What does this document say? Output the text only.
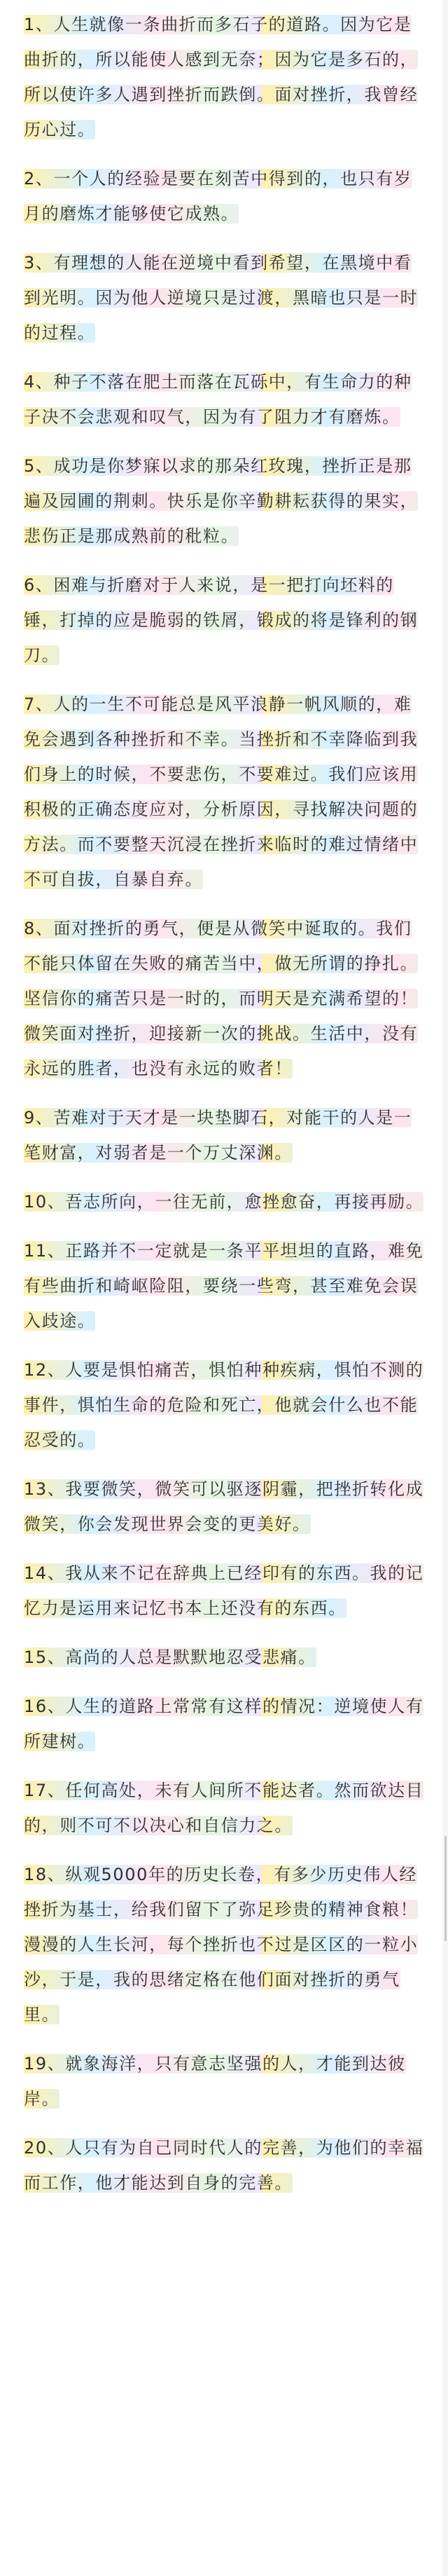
1、人生就像一条曲折而多石子的道路。因为它是曲折的，所以能使人感到无奈；因为它是多石的，所以使许多人遇到挫折而跌倒。面对挫折，我曾经历心过。

2、一个人的经验是要在刻苦中得到的，也只有岁月的磨炼才能够使它成熟。

3、有理想的人能在逆境中看到希望，在黑境中看到光明。因为他人逆境只是过渡，黑暗也只是一时的过程。

4、种子不落在肥土而落在瓦砾中，有生命力的种子决不会悲观和叹气，因为有了阻力才有磨炼。

5、成功是你梦寐以求的那朵红玫瑰，挫折正是那遍及园圃的荆刺。快乐是你辛勤耕耘获得的果实，悲伤正是那成熟前的秕粒。

6、困难与折磨对于人来说，是一把打向坯料的锤，打掉的应是脆弱的铁屑，锻成的将是锋利的钢刀。

7、人的一生不可能总是风平浪静一帆风顺的，难免会遇到各种挫折和不幸。当挫折和不幸降临到我们身上的时候，不要悲伤，不要难过。我们应该用积极的正确态度应对，分析原因，寻找解决问题的方法。而不要整天沉浸在挫折来临时的难过情绪中不可自拔，自暴自弃。

8、面对挫折的勇气，便是从微笑中诞取的。我们不能只体留在失败的痛苦当中，做无所谓的挣扎。坚信你的痛苦只是一时的，而明天是充满希望的！微笑面对挫折，迎接新一次的挑战。生活中，没有永远的胜者，也没有永远的败者！

9、苦难对于天才是一块垫脚石，对能干的人是一笔财富，对弱者是一个万丈深渊。

10、吾志所向，一往无前，愈挫愈奋，再接再励。

11、正路并不一定就是一条平平坦坦的直路，难免有些曲折和崎岖险阻，要绕一些弯，甚至难免会误入歧途。

12、人要是惧怕痛苦，惧怕种种疾病，惧怕不测的事件，惧怕生命的危险和死亡，他就会什么也不能忍受的。

13、我要微笑，微笑可以驱逐阴霾，把挫折转化成微笑，你会发现世界会变的更美好。

14、我从来不记在辞典上已经印有的东西。我的记忆力是运用来记忆书本上还没有的东西。

15、高尚的人总是默默地忍受悲痛。

16、人生的道路上常常有这样的情况：逆境使人有所建树。

17、任何高处，未有人间所不能达者。然而欲达目的，则不可不以决心和自信力之。

18、纵观5000年的历史长卷，有多少历史伟人经挫折为基士，给我们留下了弥足珍贵的精神食粮！漫漫的人生长河，每个挫折也不过是区区的一粒小沙，于是，我的思绪定格在他们面对挫折的勇气里。

19、就象海洋，只有意志坚强的人，才能到达彼岸。

20、人只有为自己同时代人的完善，为他们的幸福而工作，他才能达到自身的完善。
